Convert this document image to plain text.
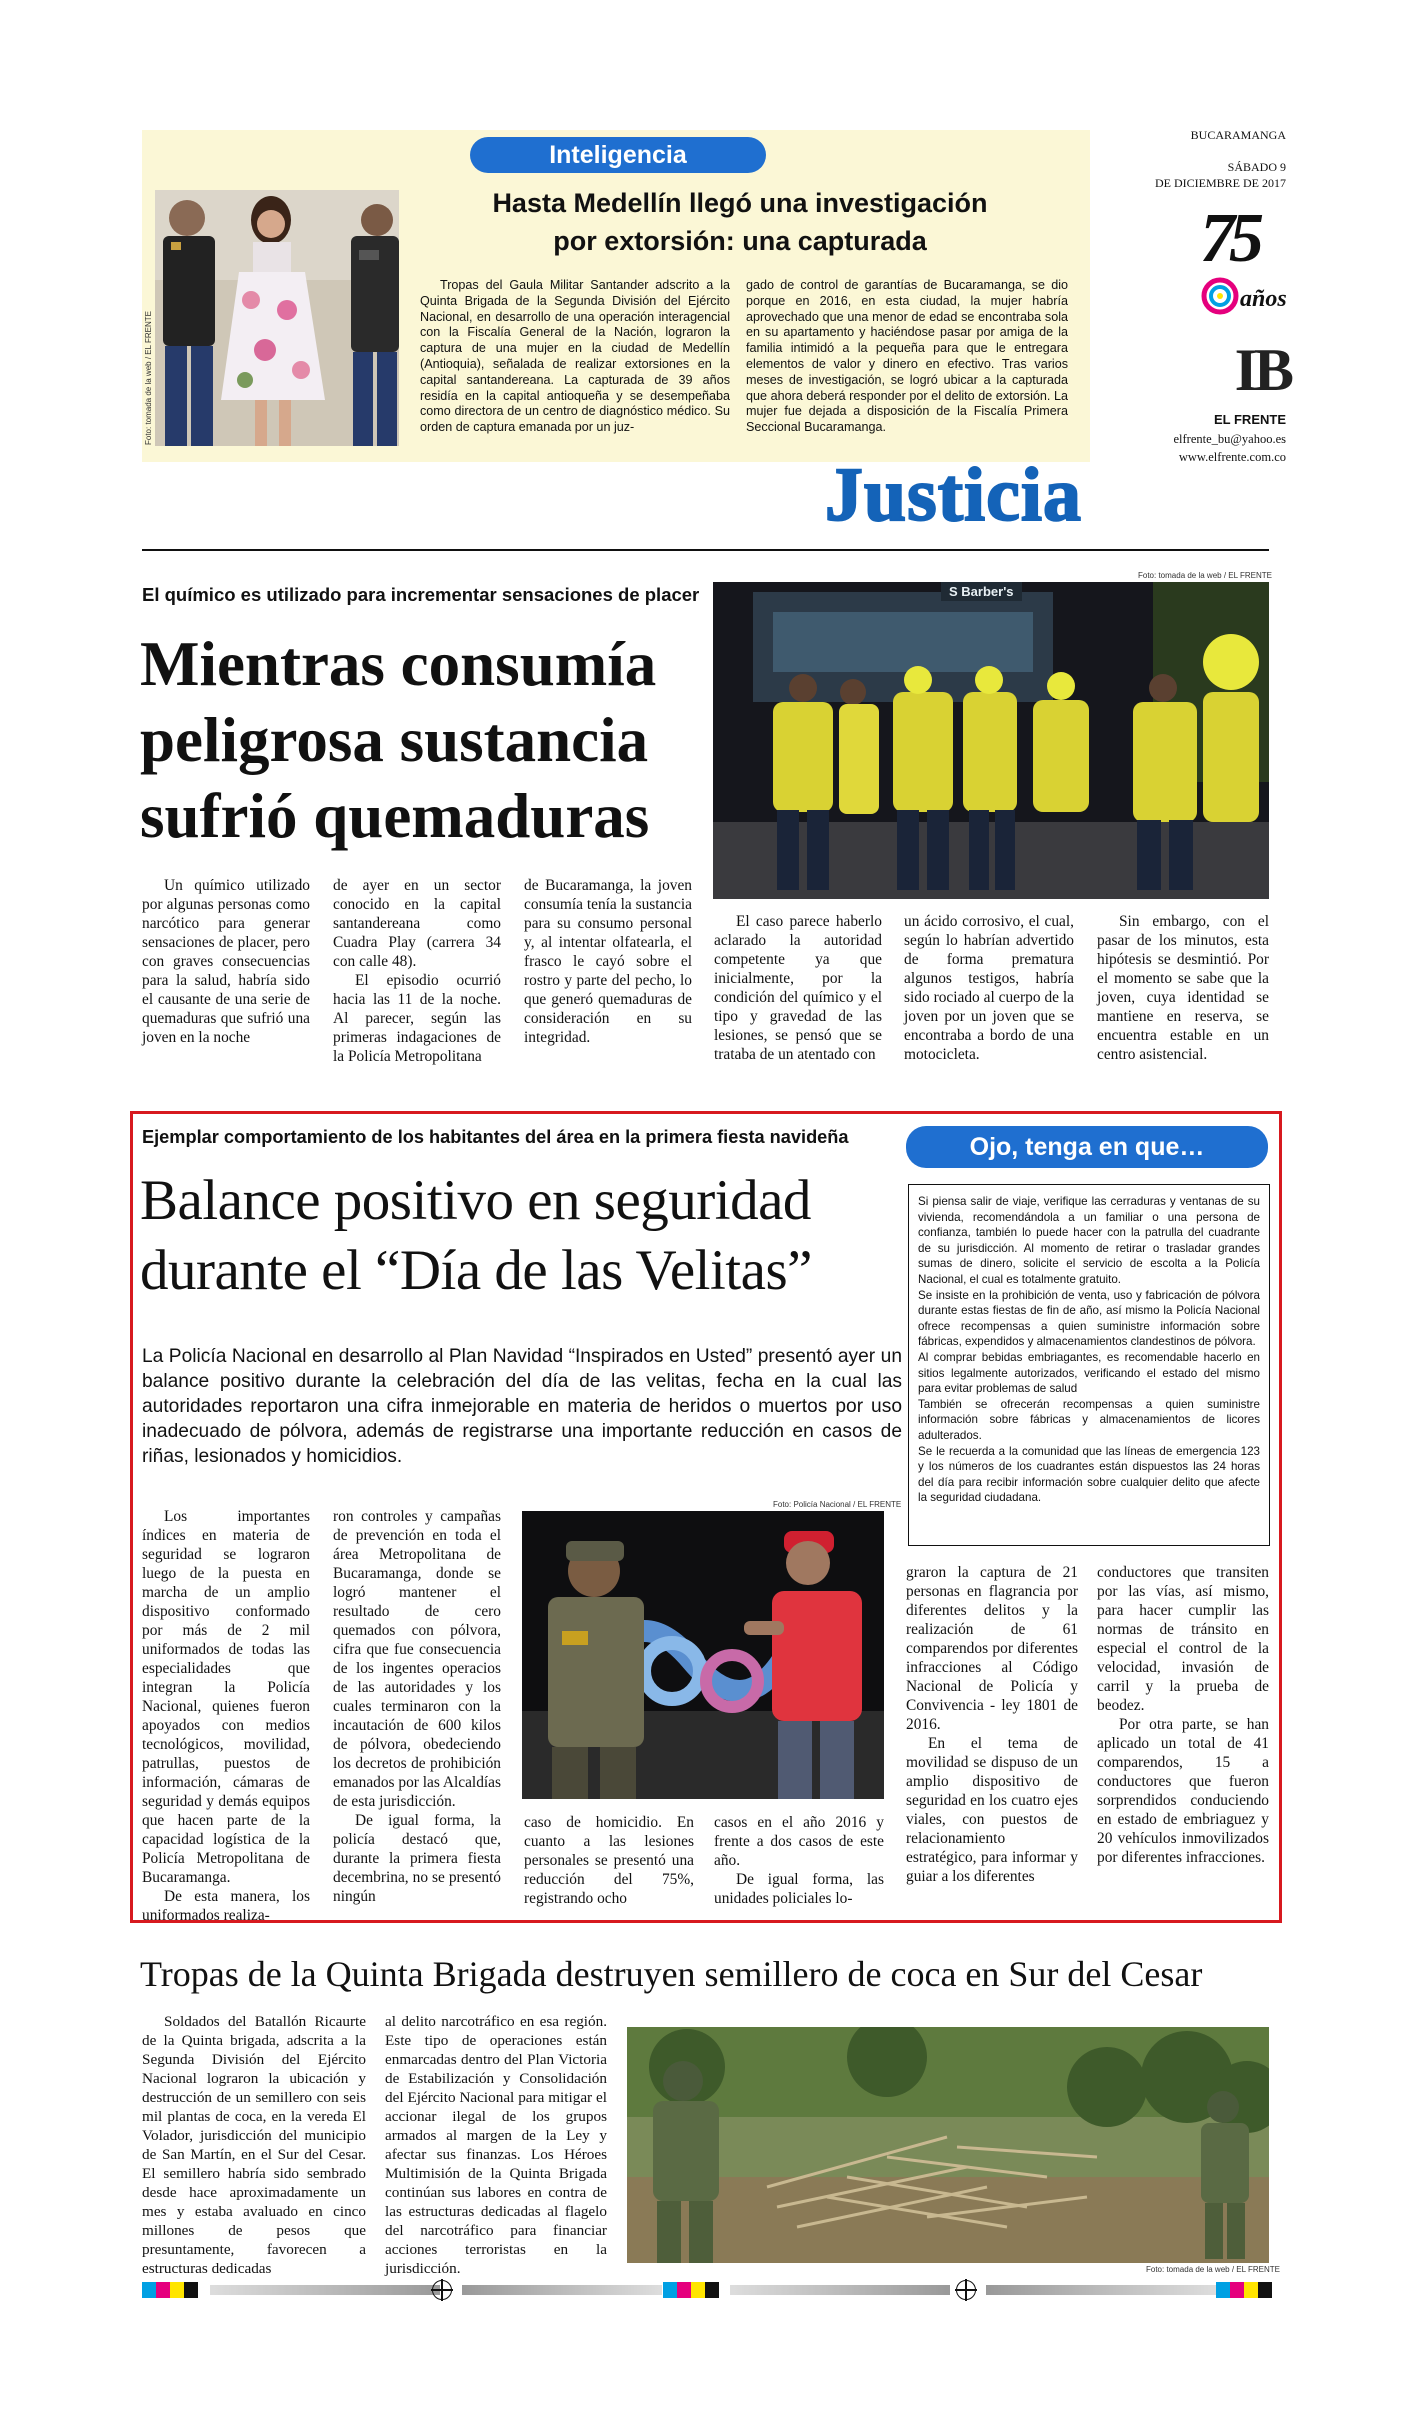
Inteligencia
Hasta Medellín llegó una investigación
por extorsión: una capturada
Foto: tomada de la web / EL FRENTE

Tropas del Gaula Militar Santander adscrito a la Quinta Brigada de la Segunda División del Ejército Nacional, en desarrollo de una operación interagencial con la Fiscalía General de la Nación, lograron la captura de una mujer en la ciudad de Medellín (Antioquia), señalada de realizar extorsiones en la capital santandereana. La capturada de 39 años residía en la capital antioqueña y se desempeñaba como directora de un centro de diagnóstico médico. Su orden de captura emanada por un juz-

gado de control de garantías de Bucaramanga, se dio porque en 2016, en esta ciudad, la mujer habría aprovechado que una menor de edad se encontraba sola en su apartamento y haciéndose pasar por amiga de la familia intimidó a la pequeña para que le entregara elementos de valor y dinero en efectivo. Tras varios meses de investigación, se logró ubicar a la capturada que ahora deberá responder por el delito de extorsión. La mujer fue dejada a disposición de la Fiscalía Primera Seccional Bucaramanga.

BUCARAMANGA
SÁBADO 9
DE DICIEMBRE DE 2017
75
años
IB
EL FRENTE
elfrente_bu@yahoo.es
www.elfrente.com.co
Justicia
El químico es utilizado para incrementar sensaciones de placer
Mientras consumía
peligrosa sustancia
sufrió quemaduras
Foto: tomada de la web / EL FRENTE
S Barber's

Un químico utilizado por algunas personas como narcótico para generar sensaciones de placer, pero con graves consecuencias para la salud, habría sido el causante de una serie de quemaduras que sufrió una joven en la noche

de ayer en un sector conocido en la capital santandereana como Cuadra Play (carrera 34 con calle 48).

El episodio ocurrió hacia las 11 de la noche. Al parecer, según las primeras indagaciones de la Policía Metropolitana

de Bucaramanga, la joven consumía tenía la sustancia para su consumo personal y, al intentar olfatearla, el frasco le cayó sobre el rostro y parte del pecho, lo que generó quemaduras de consideración en su integridad.

El caso parece haberlo aclarado la autoridad competente ya que inicialmente, por la condición del químico y el tipo y gravedad de las lesiones, se pensó que se trataba de un atentado con

un ácido corrosivo, el cual, según lo habrían advertido de forma prematura algunos testigos, habría sido rociado al cuerpo de la joven por un joven que se encontraba a bordo de una motocicleta.

Sin embargo, con el pasar de los minutos, esta hipótesis se desmintió. Por el momento se sabe que la joven, cuya identidad se mantiene en reserva, se encuentra estable en un centro asistencial.

Ejemplar comportamiento de los habitantes del área en la primera fiesta navideña
Balance positivo en seguridad
durante el “Día de las Velitas”
La Policía Nacional en desarrollo al Plan Navidad “Inspirados en Usted” presentó ayer un balance positivo durante la celebración del día de las velitas, fecha en la cual las autoridades reportaron una cifra inmejorable en materia de heridos o muertos por uso inadecuado de pólvora, además de registrarse una importante reducción en casos de riñas, lesionados y homicidios.
Ojo, tenga en que…

Si piensa salir de viaje, verifique las cerraduras y ventanas de su vivienda, recomendándola a un familiar o una persona de confianza, también lo puede hacer con la patrulla del cuadrante de su jurisdicción. Al momento de retirar o trasladar grandes sumas de dinero, solicite el servicio de escolta a la Policía Nacional, el cual es totalmente gratuito.

Se insiste en la prohibición de venta, uso y fabricación de pólvora durante estas fiestas de fin de año, así mismo la Policía Nacional ofrece recompensas a quien suministre información sobre fábricas, expendidos y almacenamientos clandestinos de pólvora.

Al comprar bebidas embriagantes, es recomendable hacerlo en sitios legalmente autorizados, verificando el estado del mismo para evitar problemas de salud

También se ofrecerán recompensas a quien suministre información sobre fábricas y almacenamientos de licores adulterados.

Se le recuerda a la comunidad que las líneas de emergencia 123 y los números de los cuadrantes están dispuestos las 24 horas del día para recibir información sobre cualquier delito que afecte la seguridad ciudadana.

Foto: Policía Nacional / EL FRENTE

Los importantes índices en materia de seguridad se lograron luego de la puesta en marcha de un amplio dispositivo conformado por más de 2 mil uniformados de todas las especialidades que integran la Policía Nacional, quienes fueron apoyados con medios tecnológicos, movilidad, patrullas, puestos de información, cámaras de seguridad y demás equipos que hacen parte de la capacidad logística de la Policía Metropolitana de Bucaramanga.

De esta manera, los uniformados realiza-

ron controles y campañas de prevención en toda el área Metropolitana de Bucaramanga, donde se logró mantener el resultado de cero quemados con pólvora, cifra que fue consecuencia de los ingentes operacios de las autoridades y los cuales terminaron con la incautación de 600 kilos de pólvora, obedeciendo los decretos de prohibición emanados por las Alcaldías de esta jurisdicción.

De igual forma, la policía destacó que, durante la primera fiesta decembrina, no se presentó ningún

caso de homicidio. En cuanto a las lesiones personales se presentó una reducción del 75%, registrando ocho

casos en el año 2016 y frente a dos casos de este año.

De igual forma, las unidades policiales lo-

graron la captura de 21 personas en flagrancia por diferentes delitos y la realización de 61 comparendos por diferentes infracciones al Código Nacional de Policía y Convivencia - ley 1801 de 2016.

En el tema de movilidad se dispuso de un amplio dispositivo de seguridad en los cuatro ejes viales, con puestos de relacionamiento estratégico, para informar y guiar a los diferentes

conductores que transiten por las vías, así mismo, para hacer cumplir las normas de tránsito en especial el control de la velocidad, invasión de carril y la prueba de beodez.

Por otra parte, se han aplicado un total de 41 comparendos, 15 a conductores que fueron sorprendidos conduciendo en estado de embriaguez y 20 vehículos inmovilizados por diferentes infracciones.

Tropas de la Quinta Brigada destruyen semillero de coca en Sur del Cesar

Soldados del Batallón Ricaurte de la Quinta brigada, adscrita a la Segunda División del Ejército Nacional lograron la ubicación y destrucción de un semillero con seis mil plantas de coca, en la vereda El Volador, jurisdicción del municipio de San Martín, en el Sur del Cesar. El semillero habría sido sembrado desde hace aproximadamente un mes y estaba avaluado en cinco millones de pesos que presuntamente, favorecen a estructuras dedicadas

al delito narcotráfico en esa región. Este tipo de operaciones están enmarcadas dentro del Plan Victoria de Estabilización y Consolidación del Ejército Nacional para mitigar el accionar ilegal de los grupos armados al margen de la Ley y afectar sus finanzas. Los Héroes Multimisión de la Quinta Brigada continúan sus labores en contra de las estructuras dedicadas al flagelo del narcotráfico para financiar acciones terroristas en la jurisdicción.	Foto: tomada de la web / EL FRENTE
